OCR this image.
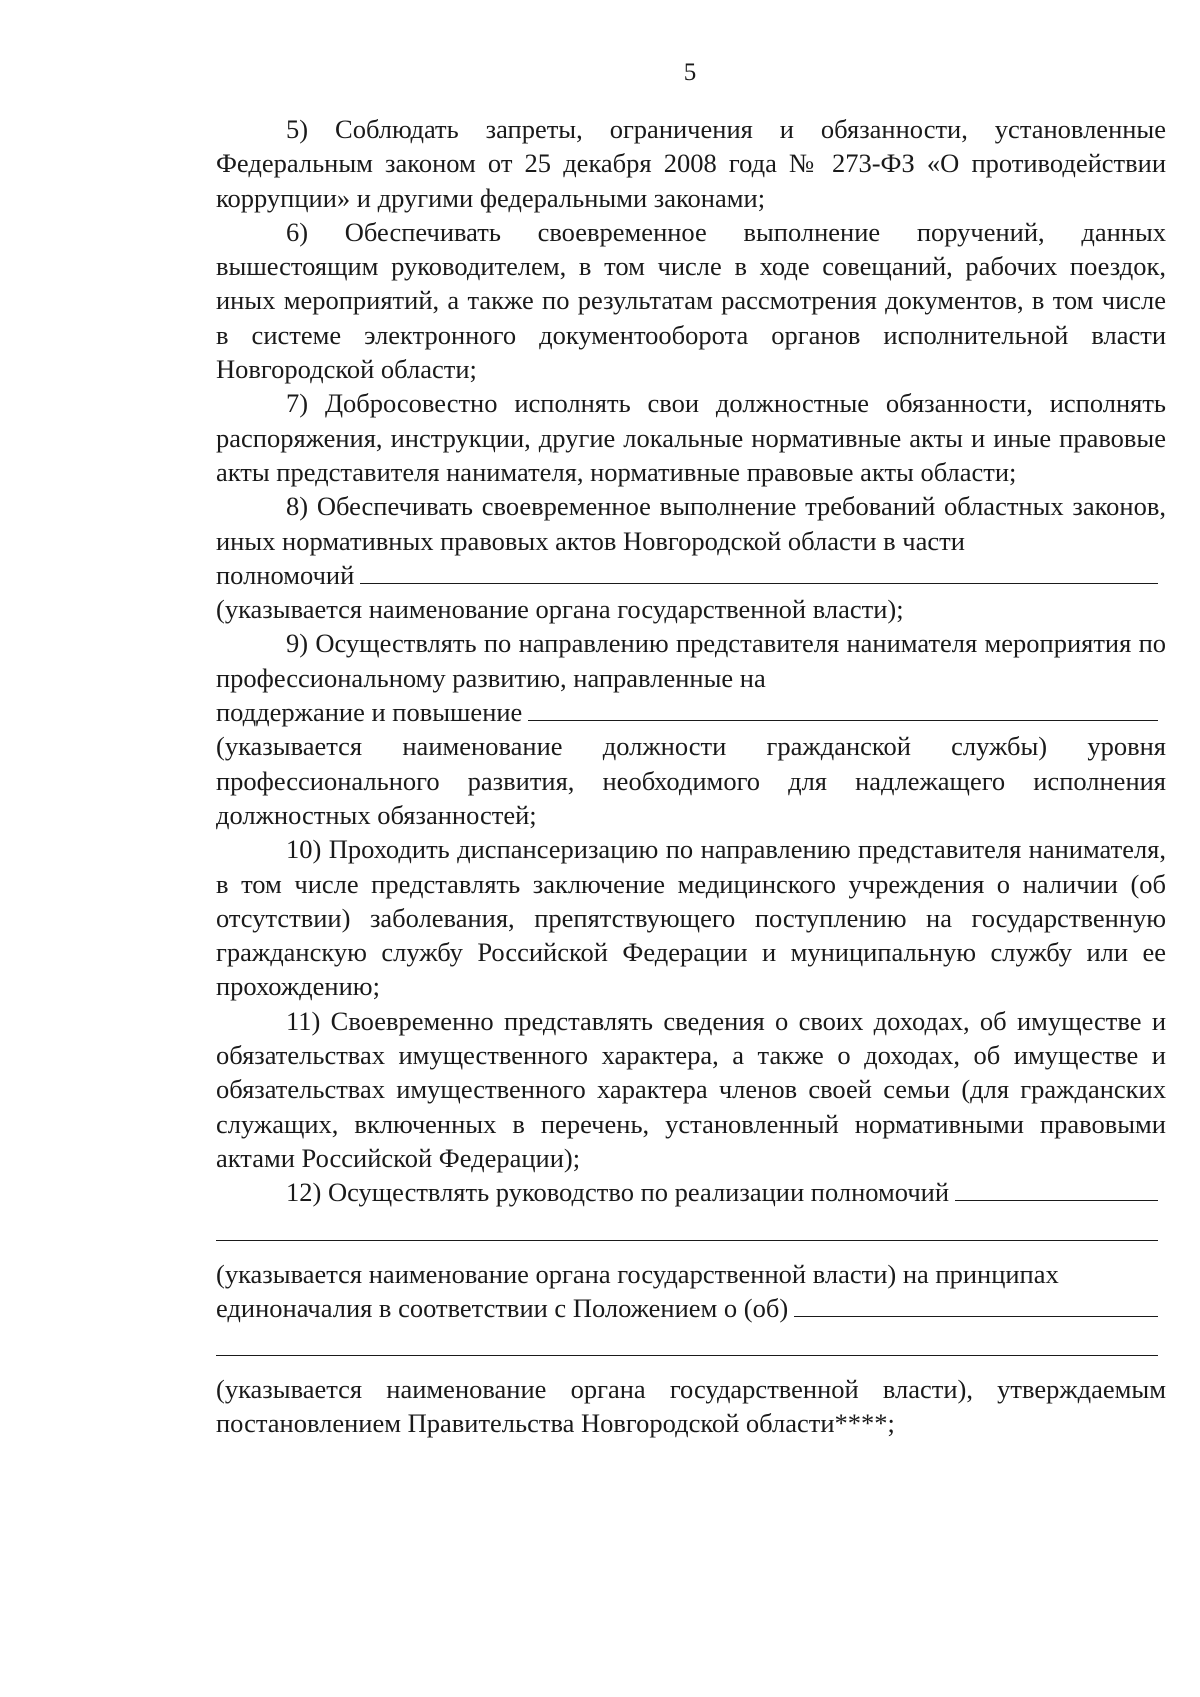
5

5) Соблюдать запреты, ограничения и обязанности, установленные Федеральным законом от 25 декабря 2008 года № 273-ФЗ «О противодействии коррупции» и другими федеральными законами;

6) Обеспечивать своевременное выполнение поручений, данных вышестоящим руководителем, в том числе в ходе совещаний, рабочих поездок, иных мероприятий, а также по результатам рассмотрения документов, в том числе в системе электронного документооборота органов исполнительной власти Новгородской области;

7) Добросовестно исполнять свои должностные обязанности, исполнять распоряжения, инструкции, другие локальные нормативные акты и иные правовые акты представителя нанимателя, нормативные правовые акты области;

8) Обеспечивать своевременное выполнение требований областных законов, иных нормативных правовых актов Новгородской области в части

полномочий

(указывается наименование органа государственной власти);

9) Осуществлять по направлению представителя нанимателя мероприятия по профессиональному развитию, направленные на

поддержание и повышение

(указывается наименование должности гражданской службы) уровня профессионального развития, необходимого для надлежащего исполнения должностных обязанностей;

10) Проходить диспансеризацию по направлению представителя нанимателя, в том числе представлять заключение медицинского учреждения о наличии (об отсутствии) заболевания, препятствующего поступлению на государственную гражданскую службу Российской Федерации и муниципальную службу или ее прохождению;

11) Своевременно представлять сведения о своих доходах, об имуществе и обязательствах имущественного характера, а также о доходах, об имуществе и обязательствах имущественного характера членов своей семьи (для гражданских служащих, включенных в перечень, установленный нормативными правовыми актами Российской Федерации);

12) Осуществлять руководство по реализации полномочий

(указывается наименование органа государственной власти) на принципах

единоначалия в соответствии с Положением о (об)

(указывается наименование органа государственной власти), утверждаемым постановлением Правительства Новгородской области****;
